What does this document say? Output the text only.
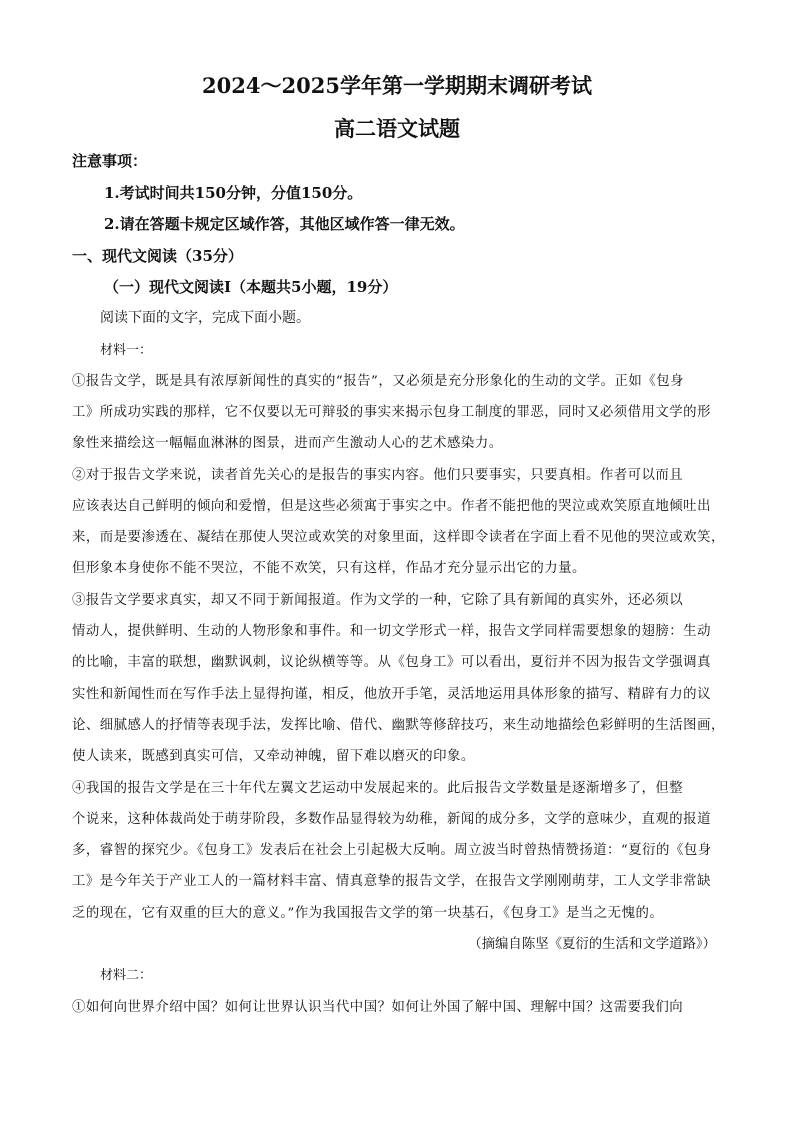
2024～2025学年第一学期期末调研考试
高二语文试题
注意事项：
1.考试时间共150分钟，分值150分。
2.请在答题卡规定区域作答，其他区域作答一律无效。
一、现代文阅读（35分）
（一）现代文阅读Ⅰ（本题共5小题，19分）
阅读下面的文字，完成下面小题。
材料一：
①报告文学，既是具有浓厚新闻性的真实的“报告”，又必须是充分形象化的生动的文学。正如《包身
工》所成功实践的那样，它不仅要以无可辩驳的事实来揭示包身工制度的罪恶，同时又必须借用文学的形
象性来描绘这一幅幅血淋淋的图景，进而产生激动人心的艺术感染力。
②对于报告文学来说，读者首先关心的是报告的事实内容。他们只要事实，只要真相。作者可以而且
应该表达自己鲜明的倾向和爱憎，但是这些必须寓于事实之中。作者不能把他的哭泣或欢笑原直地倾吐出
来，而是要渗透在、凝结在那使人哭泣或欢笑的对象里面，这样即令读者在字面上看不见他的哭泣或欢笑，
但形象本身使你不能不哭泣，不能不欢笑，只有这样，作品才充分显示出它的力量。
③报告文学要求真实，却又不同于新闻报道。作为文学的一种，它除了具有新闻的真实外，还必须以
情动人，提供鲜明、生动的人物形象和事件。和一切文学形式一样，报告文学同样需要想象的翅膀：生动
的比喻，丰富的联想，幽默讽刺，议论纵横等等。从《包身工》可以看出，夏衍并不因为报告文学强调真
实性和新闻性而在写作手法上显得拘谨，相反，他放开手笔，灵活地运用具体形象的描写、精辟有力的议
论、细腻感人的抒情等表现手法，发挥比喻、借代、幽默等修辞技巧，来生动地描绘色彩鲜明的生活图画，
使人读来，既感到真实可信，又牵动神魄，留下难以磨灭的印象。
④我国的报告文学是在三十年代左翼文艺运动中发展起来的。此后报告文学数量是逐渐增多了，但整
个说来，这种体裁尚处于萌芽阶段，多数作品显得较为幼稚，新闻的成分多，文学的意味少，直观的报道
多，睿智的探究少。《包身工》发表后在社会上引起极大反响。周立波当时曾热情赞扬道：“夏衍的《包身
工》是今年关于产业工人的一篇材料丰富、情真意挚的报告文学，在报告文学刚刚萌芽，工人文学非常缺
乏的现在，它有双重的巨大的意义。”作为我国报告文学的第一块基石，《包身工》是当之无愧的。
（摘编自陈坚《夏衍的生活和文学道路》）
材料二：
①如何向世界介绍中国？如何让世界认识当代中国？如何让外国了解中国、理解中国？这需要我们向
